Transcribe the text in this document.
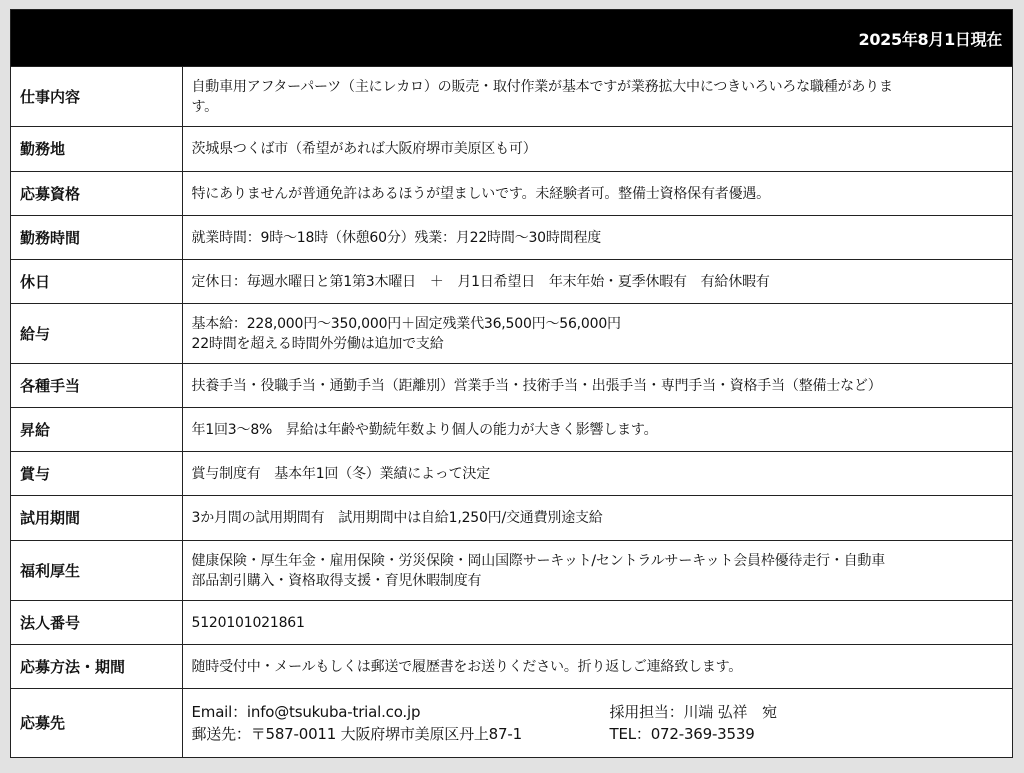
2025年8月1日現在
仕事内容	自動車用アフターパーツ（主にレカロ）の販売・取付作業が基本ですが業務拡大中につきいろいろな職種がありま
す。

勤務地	茨城県つくば市（希望があれば大阪府堺市美原区も可）

応募資格	特にありませんが普通免許はあるほうが望ましいです。未経験者可。整備士資格保有者優遇。

勤務時間	就業時間：9時～18時（休憩60分）残業：月22時間～30時間程度

休日	定休日：毎週水曜日と第1第3木曜日　＋　月1日希望日　年末年始・夏季休暇有　有給休暇有

給与	基本給：228,000円～350,000円＋固定残業代36,500円～56,000円
22時間を超える時間外労働は追加で支給

各種手当	扶養手当・役職手当・通勤手当（距離別）営業手当・技術手当・出張手当・専門手当・資格手当（整備士など）

昇給	年1回3～8%　昇給は年齢や勤続年数より個人の能力が大きく影響します。

賞与	賞与制度有　基本年1回（冬）業績によって決定

試用期間	3か月間の試用期間有　試用期間中は自給1,250円/交通費別途支給

福利厚生	健康保険・厚生年金・雇用保険・労災保険・岡山国際サーキット/セントラルサーキット会員枠優待走行・自動車
部品割引購入・資格取得支援・育児休暇制度有

法人番号	5120101021861

応募方法・期間	随時受付中・メールもしくは郵送で履歴書をお送りください。折り返しご連絡致します。

応募先	Email：info@tsukuba-trial.co.jp 採用担当：川端 弘祥　宛
郵送先：〒587-0011 大阪府堺市美原区丹上87-1 TEL：072-369-3539
